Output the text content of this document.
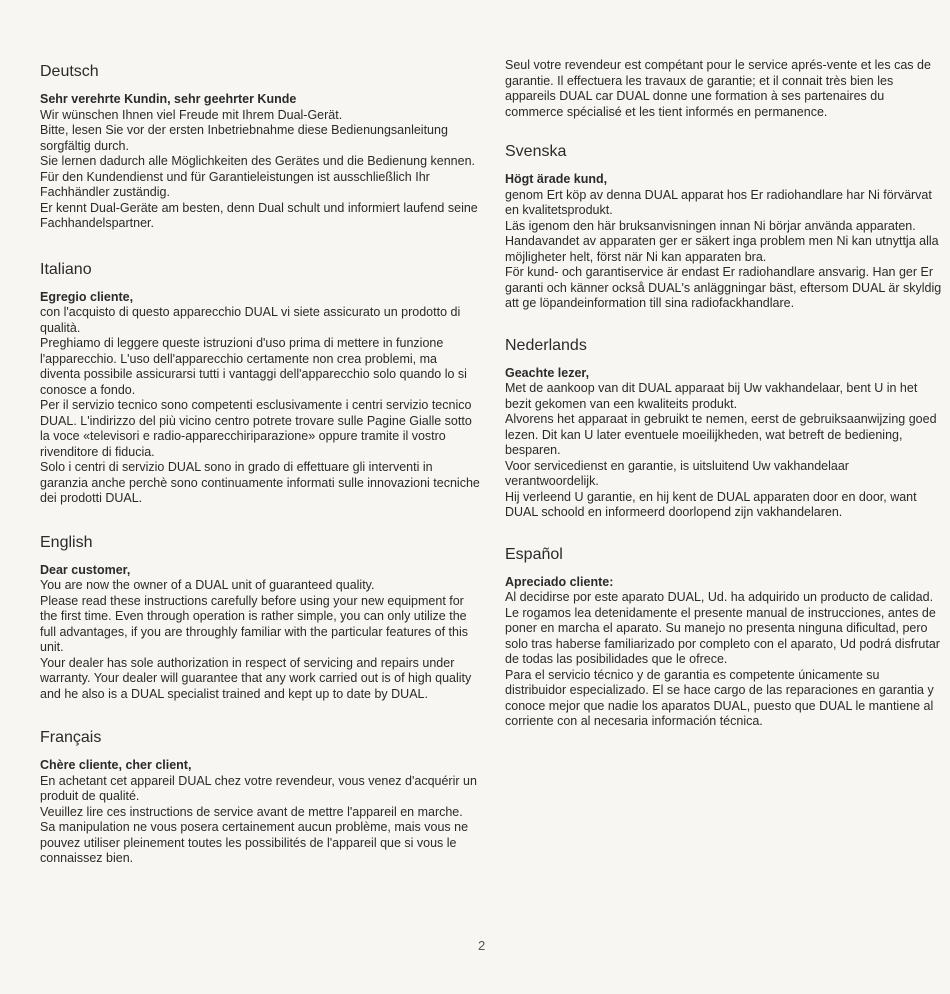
Deutsch

Sehr verehrte Kundin, sehr geehrter Kunde

Wir wünschen Ihnen viel Freude mit Ihrem Dual-Gerät.

Bitte, lesen Sie vor der ersten Inbetriebnahme diese Bedienungsanleitung sorgfältig durch.

Sie lernen dadurch alle Möglichkeiten des Gerätes und die Bedienung kennen.

Für den Kundendienst und für Garantieleistungen ist ausschließlich Ihr Fachhändler zuständig.

Er kennt Dual-Geräte am besten, denn Dual schult und informiert laufend seine Fachhandelspartner.

Italiano

Egregio cliente,

con l'acquisto di questo apparecchio DUAL vi siete assicurato un prodotto di qualità.

Preghiamo di leggere queste istruzioni d'uso prima di mettere in funzione l'apparecchio. L'uso dell'apparecchio certamente non crea problemi, ma diventa possibile assicurarsi tutti i vantaggi dell'apparecchio solo quando lo si conosce a fondo.

Per il servizio tecnico sono competenti esclusivamente i centri servizio tecnico DUAL. L'indirizzo del più vicino centro potrete trovare sulle Pagine Gialle sotto la voce «televisori e radio-apparecchiriparazione» oppure tramite il vostro rivenditore di fiducia.

Solo i centri di servizio DUAL sono in grado di effettuare gli interventi in garanzia anche perchè sono continuamente informati sulle innovazioni tecniche dei prodotti DUAL.

English

Dear customer,

You are now the owner of a DUAL unit of guaranteed quality.

Please read these instructions carefully before using your new equipment for the first time. Even through operation is rather simple, you can only utilize the full advantages, if you are throughly familiar with the particular features of this unit.

Your dealer has sole authorization in respect of servicing and repairs under warranty. Your dealer will guarantee that any work carried out is of high quality and he also is a DUAL specialist trained and kept up to date by DUAL.

Français

Chère cliente, cher client,

En achetant cet appareil DUAL chez votre revendeur, vous venez d'acquérir un produit de qualité.

Veuillez lire ces instructions de service avant de mettre l'appareil en marche. Sa manipulation ne vous posera certainement aucun problème, mais vous ne pouvez utiliser pleinement toutes les possibilités de l'appareil que si vous le connaissez bien.

Seul votre revendeur est compétant pour le service aprés-vente et les cas de garantie. Il effectuera les travaux de garantie; et il connait très bien les appareils DUAL car DUAL donne une formation à ses partenaires du commerce spécialisé et les tient informés en permanence.

Svenska

Högt ärade kund,

genom Ert köp av denna DUAL apparat hos Er radiohandlare har Ni förvärvat en kvalitetsprodukt.

Läs igenom den här bruksanvisningen innan Ni börjar använda apparaten. Handavandet av apparaten ger er säkert inga problem men Ni kan utnyttja alla möjligheter helt, först när Ni kan apparaten bra.

För kund- och garantiservice är endast Er radiohandlare ansvarig. Han ger Er garanti och känner också DUAL's anläggningar bäst, eftersom DUAL är skyldig att ge löpandeinformation till sina radiofackhandlare.

Nederlands

Geachte lezer,

Met de aankoop van dit DUAL apparaat bij Uw vakhandelaar, bent U in het bezit gekomen van een kwaliteits produkt.

Alvorens het apparaat in gebruikt te nemen, eerst de gebruiksaanwijzing goed lezen. Dit kan U later eventuele moeilijkheden, wat betreft de bediening, besparen.

Voor servicedienst en garantie, is uitsluitend Uw vakhandelaar verantwoordelijk.

Hij verleend U garantie, en hij kent de DUAL apparaten door en door, want DUAL schoold en informeerd doorlopend zijn vakhandelaren.

Español

Apreciado cliente:

Al decidirse por este aparato DUAL, Ud. ha adquirido un producto de calidad.

Le rogamos lea detenidamente el presente manual de instrucciones, antes de poner en marcha el aparato. Su manejo no presenta ninguna dificultad, pero solo tras haberse familiarizado por completo con el aparato, Ud podrá disfrutar de todas las posibilidades que le ofrece.

Para el servicio técnico y de garantia es competente únicamente su distribuidor especializado. El se hace cargo de las reparaciones en garantia y conoce mejor que nadie los aparatos DUAL, puesto que DUAL le mantiene al corriente con al necesaria información técnica.

2
